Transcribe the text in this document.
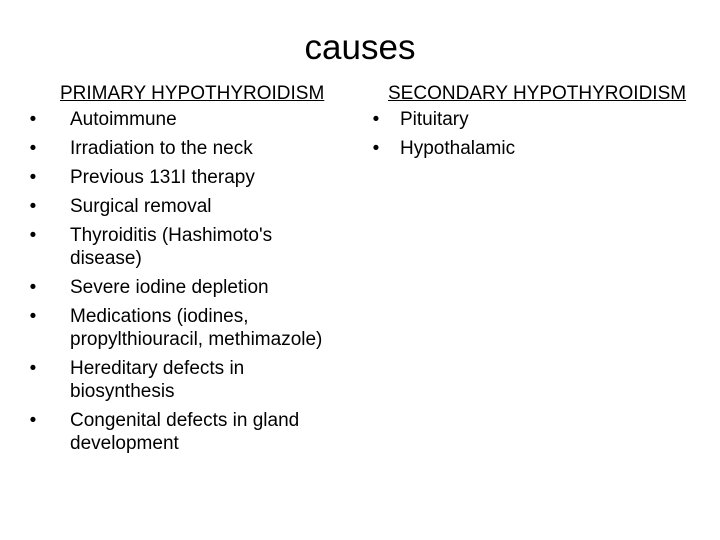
causes
PRIMARY HYPOTHYROIDISM
• Autoimmune
• Irradiation to the neck
• Previous 131I therapy
• Surgical removal
• Thyroiditis (Hashimoto's disease)
• Severe iodine depletion
• Medications (iodines, propylthiouracil, methimazole)
• Hereditary defects in biosynthesis
• Congenital defects in gland development
SECONDARY HYPOTHYROIDISM
• Pituitary
• Hypothalamic
